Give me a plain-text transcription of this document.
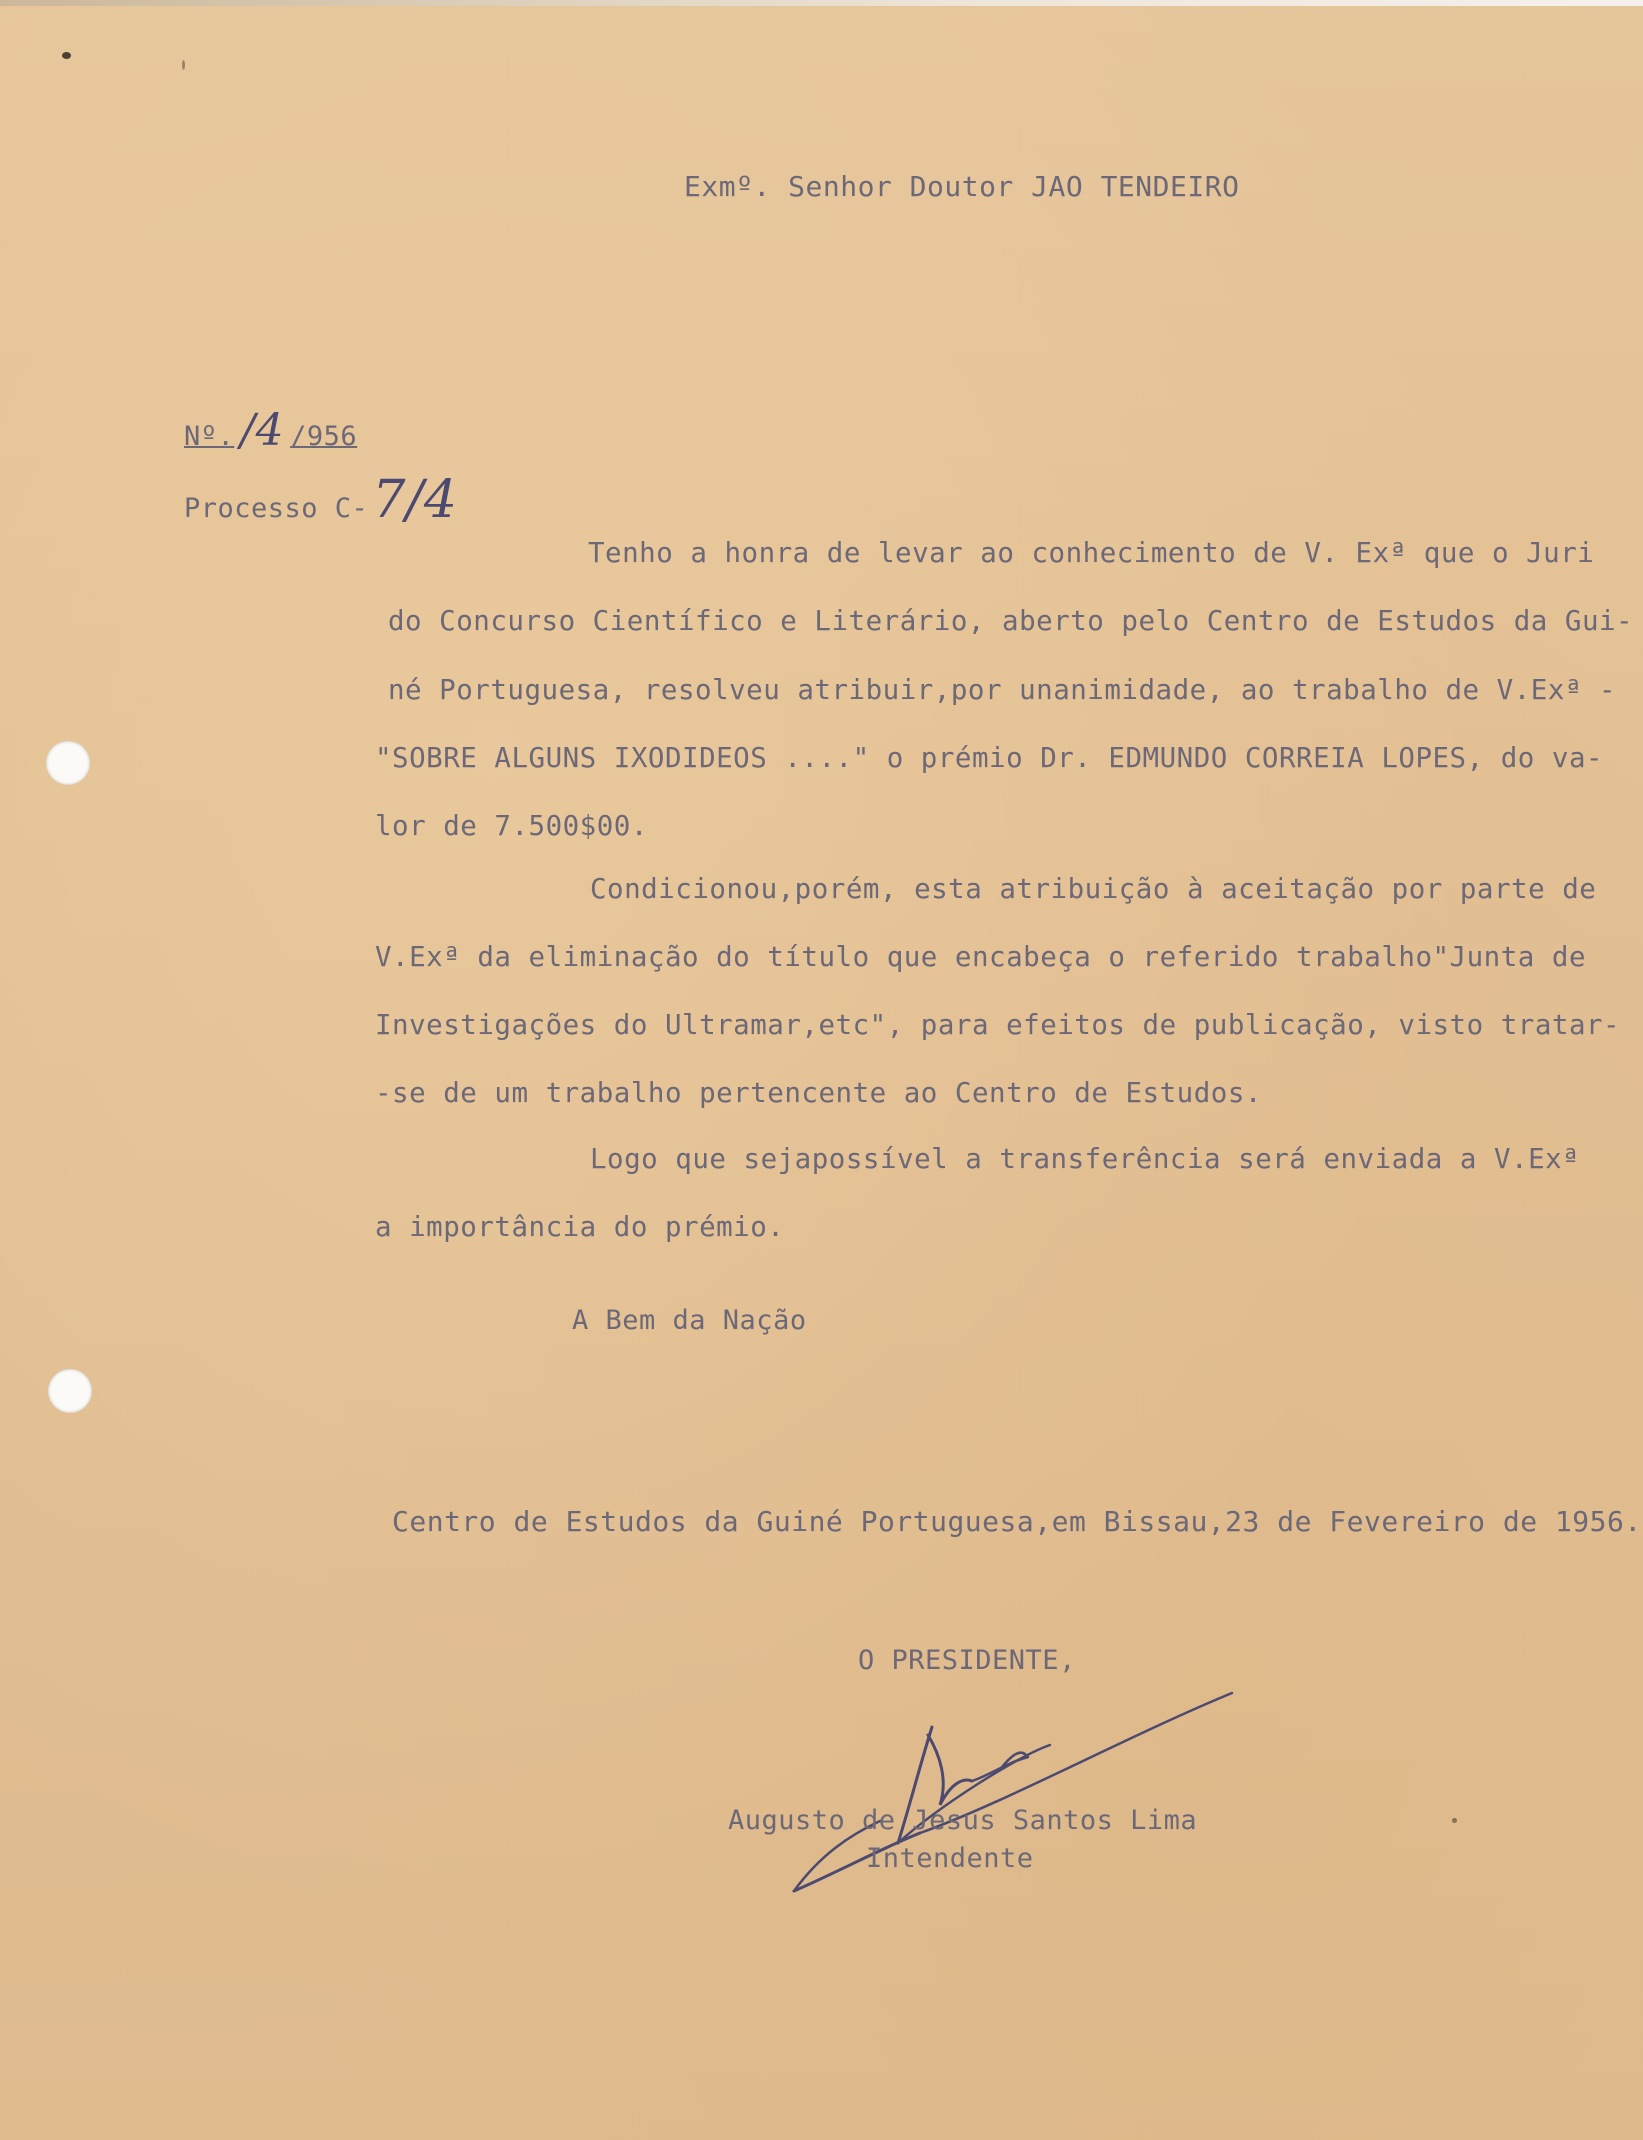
Exmº. Senhor Doutor JAO TENDEIRO
Nº. /4 /956
Processo C-7/4
Tenho a honra de levar ao conhecimento de V. Exª que o Juri
do Concurso Científico e Literário, aberto pelo Centro de Estudos da Gui-
né Portuguesa, resolveu atribuir,por unanimidade, ao trabalho de V.Exª -
"SOBRE ALGUNS IXODIDEOS ...." o prémio Dr. EDMUNDO CORREIA LOPES, do va-
lor de 7.500$00.
Condicionou,porém, esta atribuição à aceitação por parte de
V.Exª da eliminação do título que encabeça o referido trabalho"Junta de
Investigações do Ultramar,etc", para efeitos de publicação, visto tratar-
-se de um trabalho pertencente ao Centro de Estudos.
Logo que sejapossível a transferência será enviada a V.Exª
a importância do prémio.
A Bem da Nação
Centro de Estudos da Guiné Portuguesa,em Bissau,23 de Fevereiro de 1956.
O PRESIDENTE,
Augusto de Jesus Santos Lima
Intendente
